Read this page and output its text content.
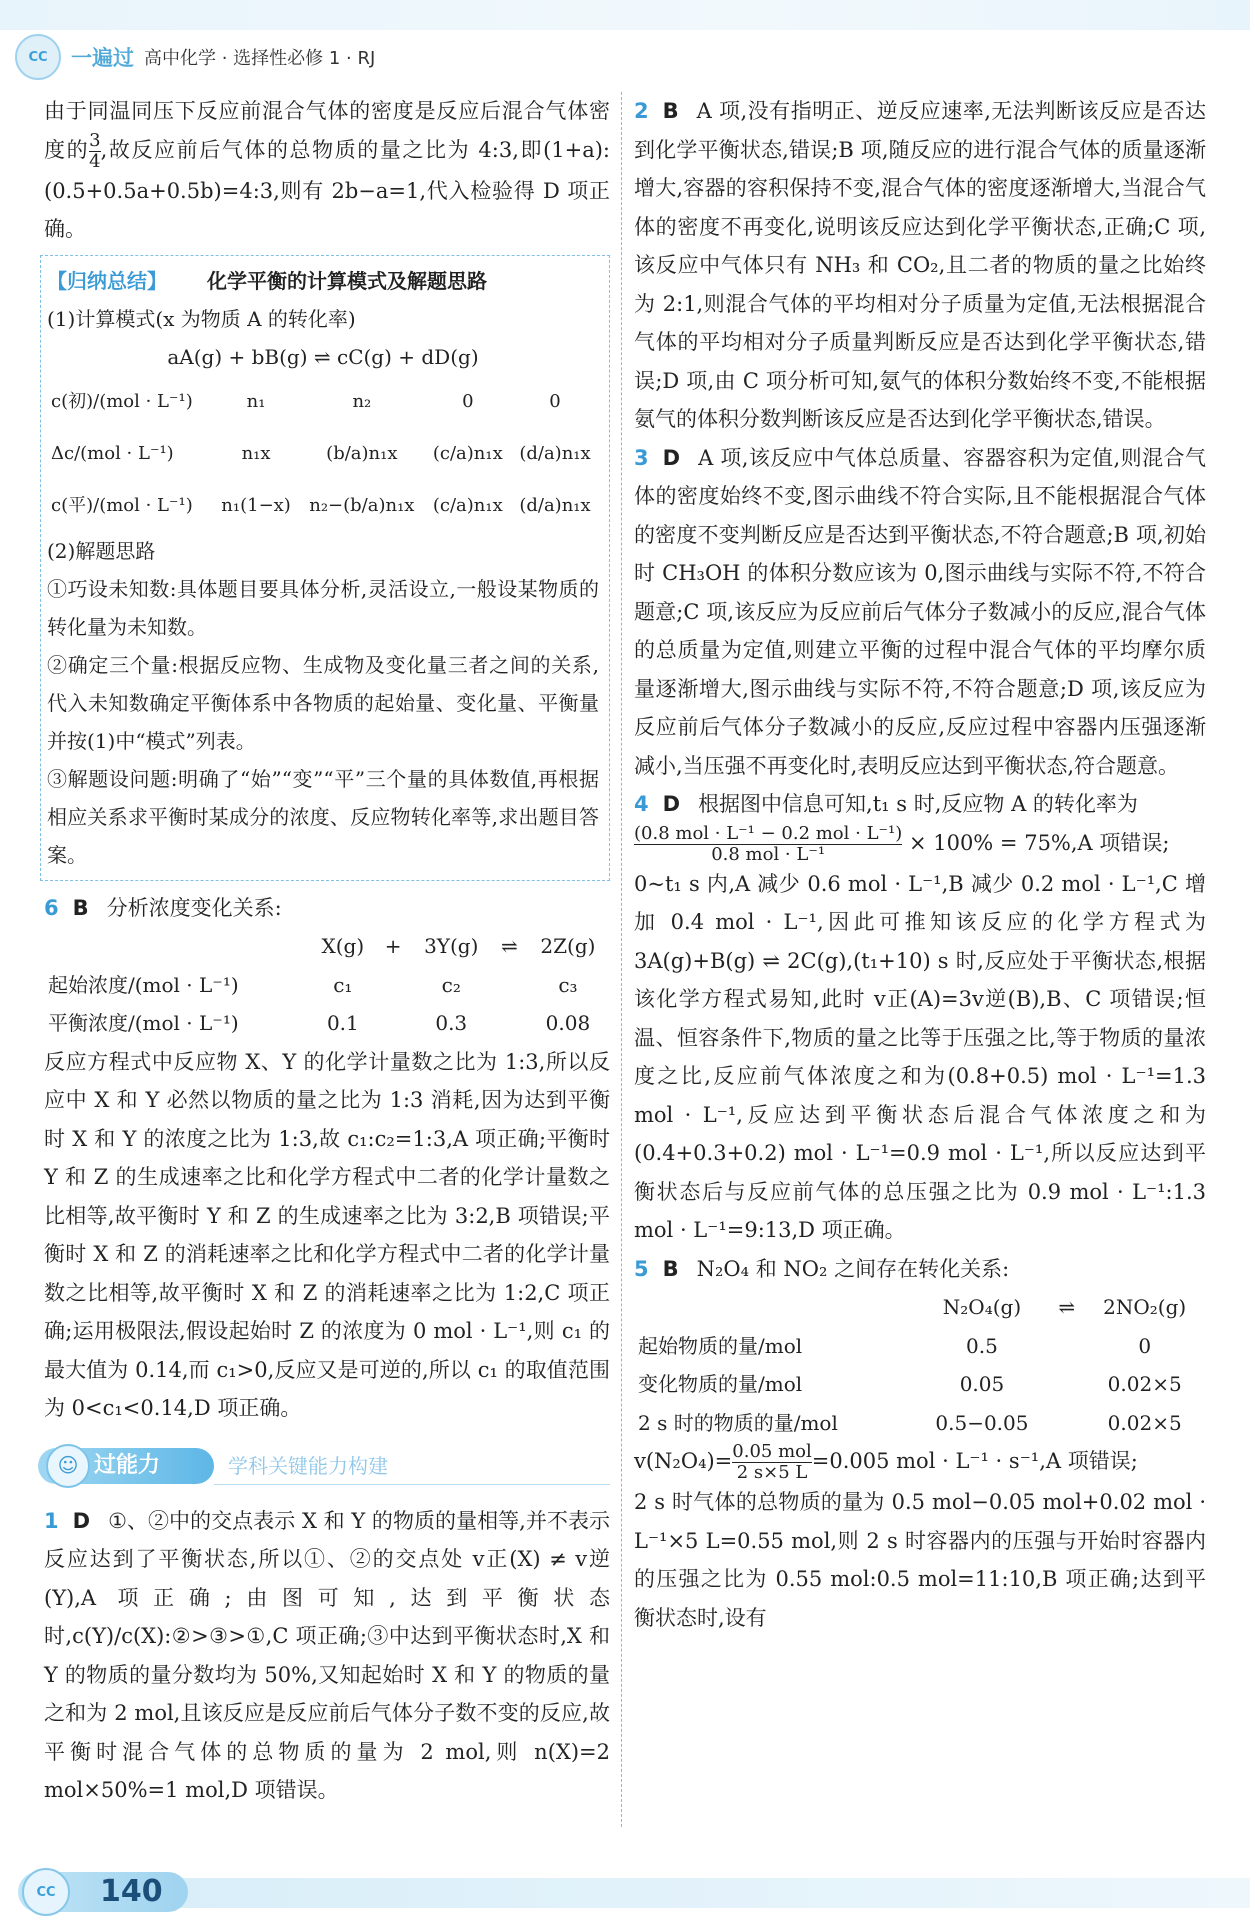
CC	一遍过 高中化学 · 选择性必修 1 · RJ

由于同温同压下反应前混合气体的密度是反应后混合气体密度的 $\frac{3}{4}$ ,故反应前后气体的总物质的量之比为 4:3,即(1+a):(0.5+0.5a+0.5b)=4:3,则有 2b−a=1,代入检验得 D 项正确。

【归纳总结】 化学平衡的计算模式及解题思路
(1)计算模式(x 为物质 A 的转化率)
aA(g) + bB(g) ⇌ cC(g) + dD(g)
c(初)/(mol · L⁻¹)	n₁	n₂	0	0
Δc/(mol · L⁻¹)	n₁x	(b/a)n₁x	(c/a)n₁x	(d/a)n₁x
c(平)/(mol · L⁻¹)	n₁(1−x)	n₂−(b/a)n₁x	(c/a)n₁x	(d/a)n₁x
(2)解题思路
①巧设未知数:具体题目要具体分析,灵活设立,一般设某物质的转化量为未知数。
②确定三个量:根据反应物、生成物及变化量三者之间的关系,代入未知数确定平衡体系中各物质的起始量、变化量、平衡量并按(1)中“模式”列表。
③解题设问题:明确了“始”“变”“平”三个量的具体数值,再根据相应关系求平衡时某成分的浓度、反应物转化率等,求出题目答案。
6 B 分析浓度变化关系:
	X(g)	+	3Y(g)	⇌	2Z(g)
起始浓度/(mol · L⁻¹)	c₁		c₂		c₃
平衡浓度/(mol · L⁻¹)	0.1		0.3		0.08

反应方程式中反应物 X、Y 的化学计量数之比为 1:3,所以反应中 X 和 Y 必然以物质的量之比为 1:3 消耗,因为达到平衡时 X 和 Y 的浓度之比为 1:3,故 c₁:c₂=1:3,A 项正确;平衡时 Y 和 Z 的生成速率之比和化学方程式中二者的化学计量数之比相等,故平衡时 Y 和 Z 的生成速率之比为 3:2,B 项错误;平衡时 X 和 Z 的消耗速率之比和化学方程式中二者的化学计量数之比相等,故平衡时 X 和 Z 的消耗速率之比为 1:2,C 项正确;运用极限法,假设起始时 Z 的浓度为 0 mol · L⁻¹,则 c₁ 的最大值为 0.14,而 c₁>0,反应又是可逆的,所以 c₁ 的取值范围为 0<c₁<0.14,D 项正确。

☺ 过能力	学科关键能力构建
1 D ①、②中的交点表示 X 和 Y 的物质的量相等,并不表示反应达到了平衡状态,所以①、②的交点处 v正(X) ≠ v逆(Y),A 项正确;由图可知,达到平衡状态时,c(Y)/c(X):②>③>①,C 项正确;③中达到平衡状态时,X 和 Y 的物质的量分数均为 50%,又知起始时 X 和 Y 的物质的量之和为 2 mol,且该反应是反应前后气体分子数不变的反应,故平衡时混合气体的总物质的量为 2 mol,则 n(X)=2 mol×50%=1 mol,D 项错误。

2 B A 项,没有指明正、逆反应速率,无法判断该反应是否达到化学平衡状态,错误;B 项,随反应的进行混合气体的质量逐渐增大,容器的容积保持不变,混合气体的密度逐渐增大,当混合气体的密度不再变化,说明该反应达到化学平衡状态,正确;C 项,该反应中气体只有 NH₃ 和 CO₂,且二者的物质的量之比始终为 2:1,则混合气体的平均相对分子质量为定值,无法根据混合气体的平均相对分子质量判断反应是否达到化学平衡状态,错误;D 项,由 C 项分析可知,氨气的体积分数始终不变,不能根据氨气的体积分数判断该反应是否达到化学平衡状态,错误。

3 D A 项,该反应中气体总质量、容器容积为定值,则混合气体的密度始终不变,图示曲线不符合实际,且不能根据混合气体的密度不变判断反应是否达到平衡状态,不符合题意;B 项,初始时 CH₃OH 的体积分数应该为 0,图示曲线与实际不符,不符合题意;C 项,该反应为反应前后气体分子数减小的反应,混合气体的总质量为定值,则建立平衡的过程中混合气体的平均摩尔质量逐渐增大,图示曲线与实际不符,不符合题意;D 项,该反应为反应前后气体分子数减小的反应,反应过程中容器内压强逐渐减小,当压强不再变化时,表明反应达到平衡状态,符合题意。

4 D 根据图中信息可知,t₁ s 时,反应物 A 的转化率为
$\frac{\text{(0.8 mol · L⁻¹ − 0.2 mol · L⁻¹)}}{\text{0.8 mol · L⁻¹}} \times 100\% = 75\%,A$ 项错误;

0~t₁ s 内,A 减少 0.6 mol · L⁻¹,B 减少 0.2 mol · L⁻¹,C 增加 0.4 mol · L⁻¹,因此可推知该反应的化学方程式为 3A(g)+B(g) ⇌ 2C(g),(t₁+10) s 时,反应处于平衡状态,根据该化学方程式易知,此时 v正(A)=3v逆(B),B、C 项错误;恒温、恒容条件下,物质的量之比等于压强之比,等于物质的量浓度之比,反应前气体浓度之和为(0.8+0.5) mol · L⁻¹=1.3 mol · L⁻¹,反应达到平衡状态后混合气体浓度之和为(0.4+0.3+0.2) mol · L⁻¹=0.9 mol · L⁻¹,所以反应达到平衡状态后与反应前气体的总压强之比为 0.9 mol · L⁻¹:1.3 mol · L⁻¹=9:13,D 项正确。

5 B N₂O₄ 和 NO₂ 之间存在转化关系:
	N₂O₄(g)	⇌	2NO₂(g)
起始物质的量/mol	0.5		0
变化物质的量/mol	0.05		0.02×5
2 s 时的物质的量/mol	0.5−0.05		0.02×5
$v(N_2O_4)= \frac{\text{0.05 mol}}{2 s\times 5 L} =0.005$ mol · L⁻¹ · s⁻¹,A 项错误;

2 s 时气体的总物质的量为 0.5 mol−0.05 mol+0.02 mol · L⁻¹×5 L=0.55 mol,则 2 s 时容器内的压强与开始时容器内的压强之比为 0.55 mol:0.5 mol=11:10,B 项正确;达到平衡状态时,设有

CC	140
